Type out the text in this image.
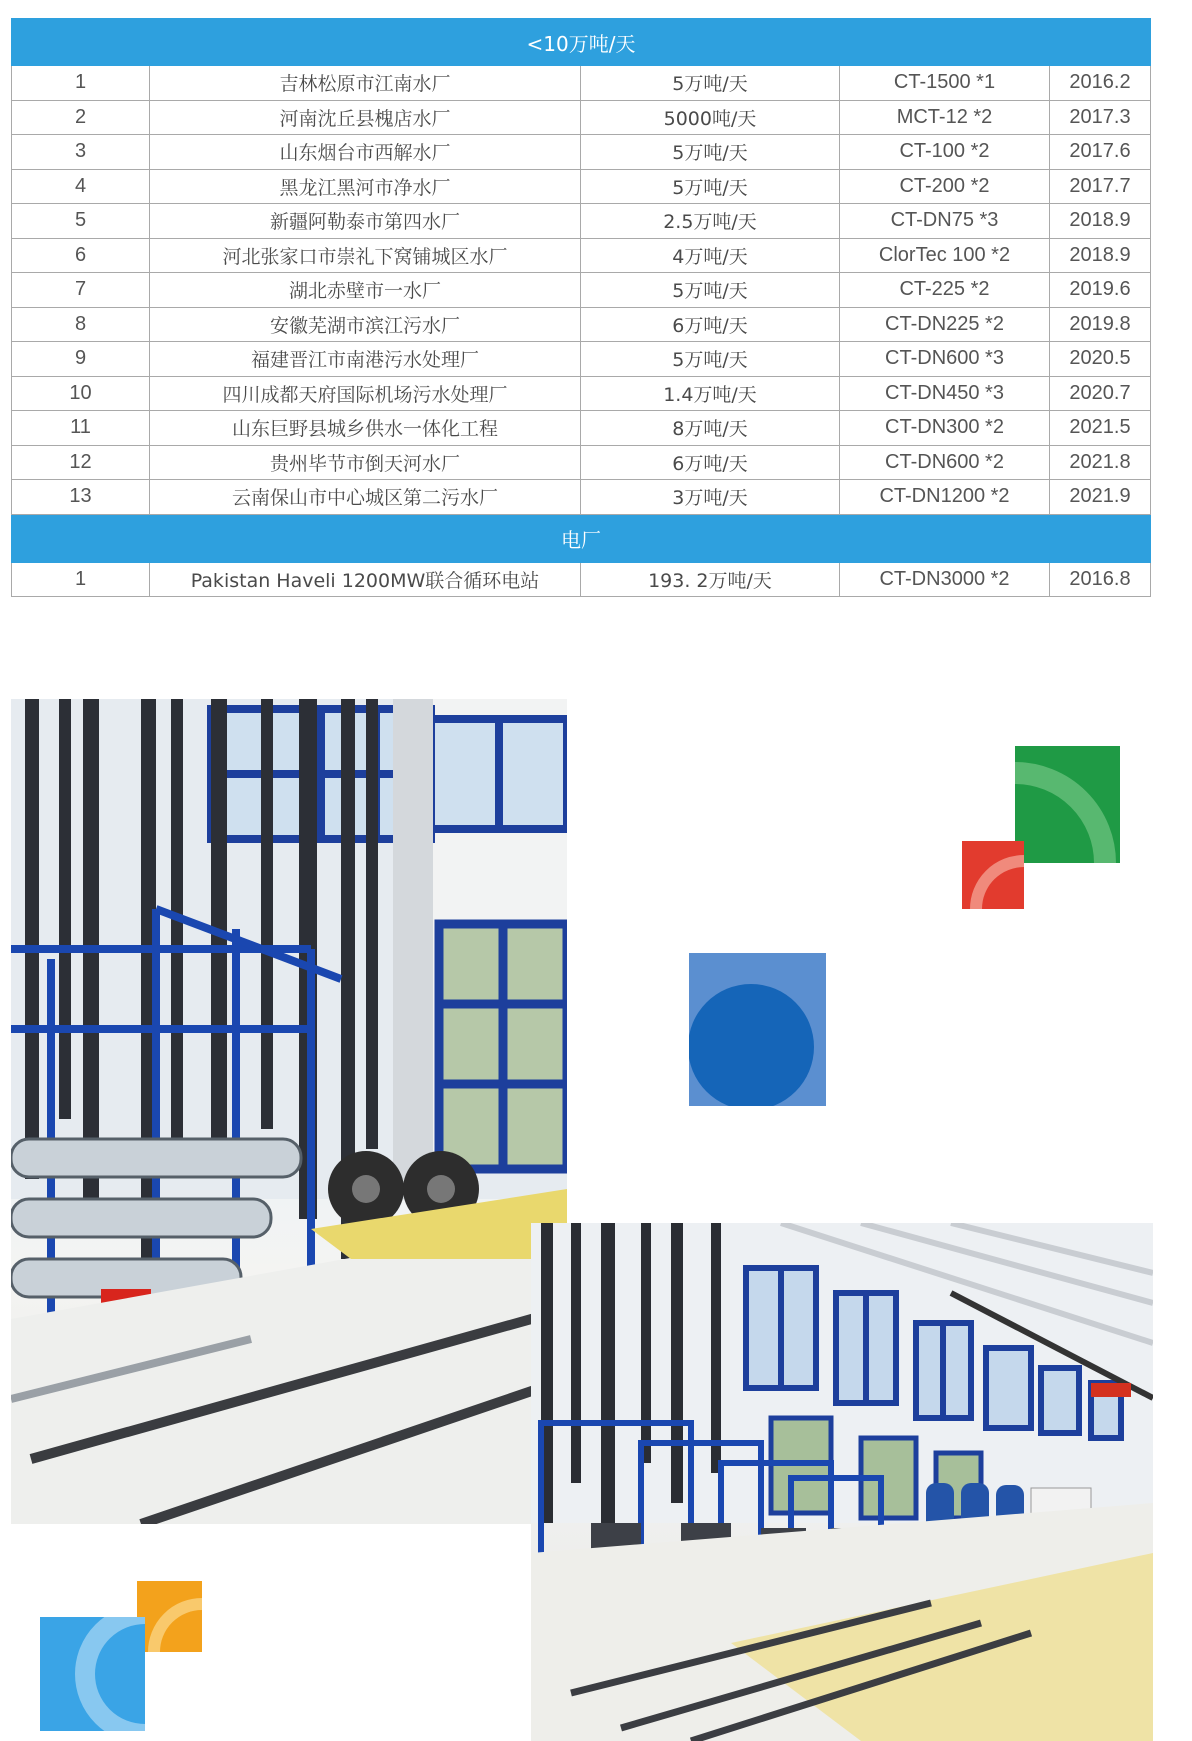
<10万吨/天				
1	吉林松原市江南水厂	5万吨/天	CT-1500 *1	2016.2
2	河南沈丘县槐店水厂	5000吨/天	MCT-12 *2	2017.3
3	山东烟台市西解水厂	5万吨/天	CT-100 *2	2017.6
4	黑龙江黑河市净水厂	5万吨/天	CT-200 *2	2017.7
5	新疆阿勒泰市第四水厂	2.5万吨/天	CT-DN75 *3	2018.9
6	河北张家口市崇礼下窝铺城区水厂	4万吨/天	ClorTec 100 *2	2018.9
7	湖北赤壁市一水厂	5万吨/天	CT-225 *2	2019.6
8	安徽芜湖市滨江污水厂	6万吨/天	CT-DN225 *2	2019.8
9	福建晋江市南港污水处理厂	5万吨/天	CT-DN600 *3	2020.5
10	四川成都天府国际机场污水处理厂	1.4万吨/天	CT-DN450 *3	2020.7
11	山东巨野县城乡供水一体化工程	8万吨/天	CT-DN300 *2	2021.5
12	贵州毕节市倒天河水厂	6万吨/天	CT-DN600 *2	2021.8
13	云南保山市中心城区第二污水厂	3万吨/天	CT-DN1200 *2	2021.9
电厂				
1	Pakistan Haveli 1200MW联合循环电站	193. 2万吨/天	CT-DN3000 *2	2016.8
